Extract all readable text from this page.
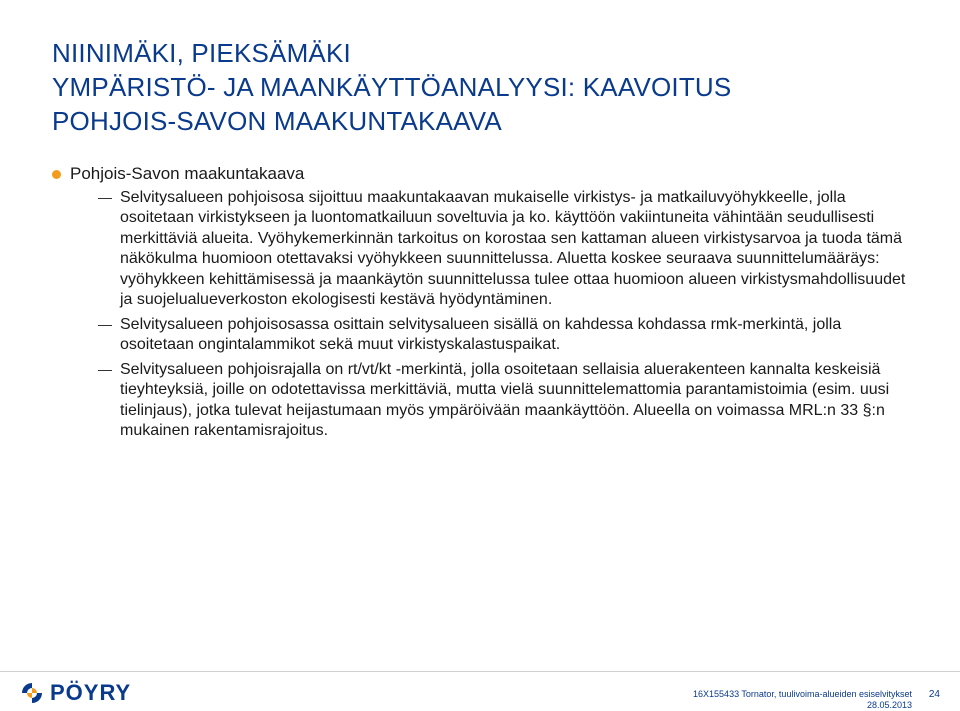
NIINIMÄKI, PIEKSÄMÄKI
YMPÄRISTÖ- JA MAANKÄYTTÖANALYYSI: KAAVOITUS
POHJOIS-SAVON MAAKUNTAKAAVA
Pohjois-Savon maakuntakaava
Selvitysalueen pohjoisosa sijoittuu maakuntakaavan mukaiselle virkistys- ja matkailuvyöhykkeelle, jolla osoitetaan virkistykseen ja luontomatkailuun soveltuvia ja ko. käyttöön vakiintuneita vähintään seudullisesti merkittäviä alueita. Vyöhykemerkinnän tarkoitus on korostaa sen kattaman alueen virkistysarvoa ja tuoda tämä näkökulma huomioon otettavaksi vyöhykkeen suunnittelussa. Aluetta koskee seuraava suunnittelumääräys: vyöhykkeen kehittämisessä ja maankäytön suunnittelussa tulee ottaa huomioon alueen virkistysmahdollisuudet ja suojelualueverkoston ekologisesti kestävä hyödyntäminen.
Selvitysalueen pohjoisosassa osittain selvitysalueen sisällä on kahdessa kohdassa rmk-merkintä, jolla osoitetaan ongintalammikot sekä muut virkistyskalastuspaikat.
Selvitysalueen pohjoisrajalla on rt/vt/kt -merkintä, jolla osoitetaan sellaisia aluerakenteen kannalta keskeisiä tieyhteyksiä, joille on odotettavissa merkittäviä, mutta vielä suunnittelemattomia parantamistoimia (esim. uusi tielinjaus), jotka tulevat heijastumaan myös ympäröivään maankäyttöön. Alueella on voimassa MRL:n 33 §:n mukainen rakentamisrajoitus.
PÖYRY	16X155433 Tornator, tuulivoima-alueiden esiselvitykset
28.05.2013
24
